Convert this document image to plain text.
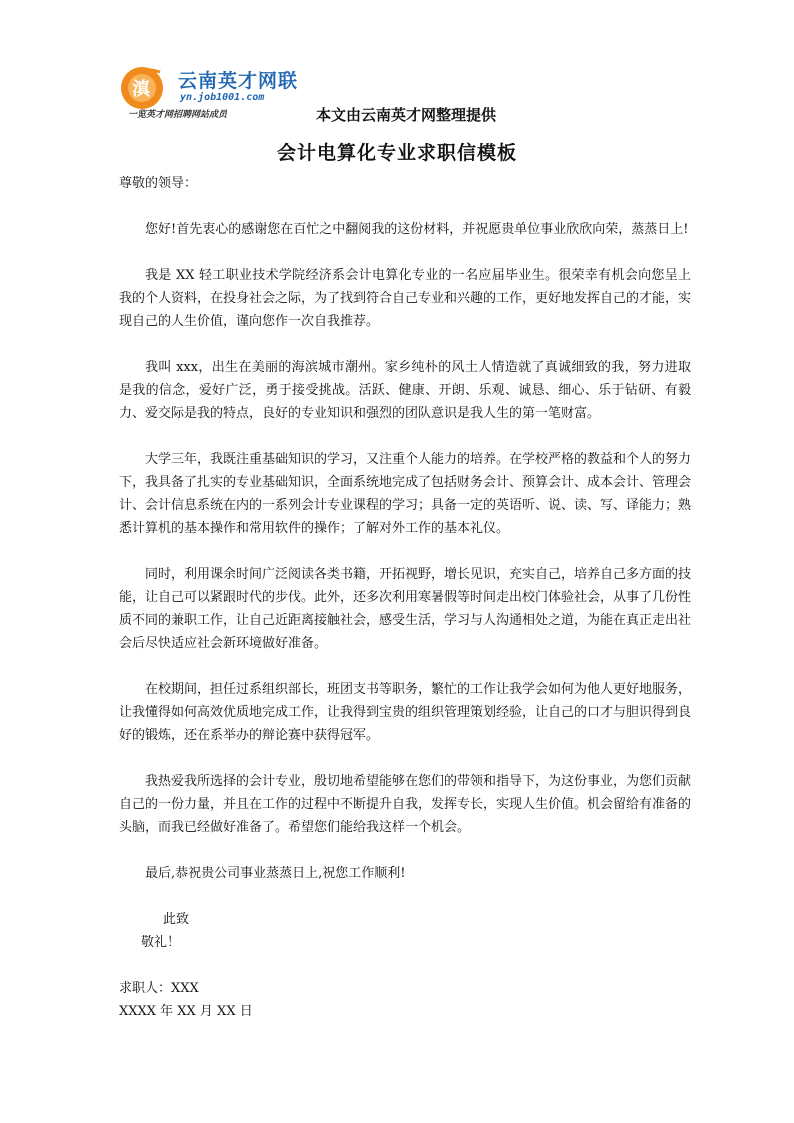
滇 云南英才网联
yn.job1001.com
一览英才网招聘网站成员	本文由云南英才网整理提供
会计电算化专业求职信模板

尊敬的领导：

您好!首先衷心的感谢您在百忙之中翻阅我的这份材料，并祝愿贵单位事业欣欣向荣，蒸蒸日上!

我是 XX 轻工职业技术学院经济系会计电算化专业的一名应届毕业生。很荣幸有机会向您呈上我的个人资料，在投身社会之际，为了找到符合自己专业和兴趣的工作，更好地发挥自己的才能，实现自己的人生价值，谨向您作一次自我推荐。

我叫 xxx，出生在美丽的海滨城市潮州。家乡纯朴的风土人情造就了真诚细致的我，努力进取是我的信念，爱好广泛，勇于接受挑战。活跃、健康、开朗、乐观、诚恳、细心、乐于钻研、有毅力、爱交际是我的特点，良好的专业知识和强烈的团队意识是我人生的第一笔财富。

大学三年，我既注重基础知识的学习，又注重个人能力的培养。在学校严格的教益和个人的努力下，我具备了扎实的专业基础知识，全面系统地完成了包括财务会计、预算会计、成本会计、管理会计、会计信息系统在内的一系列会计专业课程的学习；具备一定的英语听、说、读、写、译能力；熟悉计算机的基本操作和常用软件的操作；了解对外工作的基本礼仪。

同时，利用课余时间广泛阅读各类书籍，开拓视野，增长见识，充实自己，培养自己多方面的技能，让自己可以紧跟时代的步伐。此外，还多次利用寒暑假等时间走出校门体验社会，从事了几份性质不同的兼职工作，让自己近距离接触社会，感受生活，学习与人沟通相处之道，为能在真正走出社会后尽快适应社会新环境做好准备。

在校期间，担任过系组织部长，班团支书等职务，繁忙的工作让我学会如何为他人更好地服务，让我懂得如何高效优质地完成工作，让我得到宝贵的组织管理策划经验，让自己的口才与胆识得到良好的锻炼，还在系举办的辩论赛中获得冠军。

我热爱我所选择的会计专业，殷切地希望能够在您们的带领和指导下，为这份事业，为您们贡献自己的一份力量，并且在工作的过程中不断提升自我，发挥专长，实现人生价值。机会留给有准备的头脑，而我已经做好准备了。希望您们能给我这样一个机会。

最后,恭祝贵公司事业蒸蒸日上,祝您工作顺利!

此致

敬礼！

求职人：XXX

XXXX 年 XX 月 XX 日
